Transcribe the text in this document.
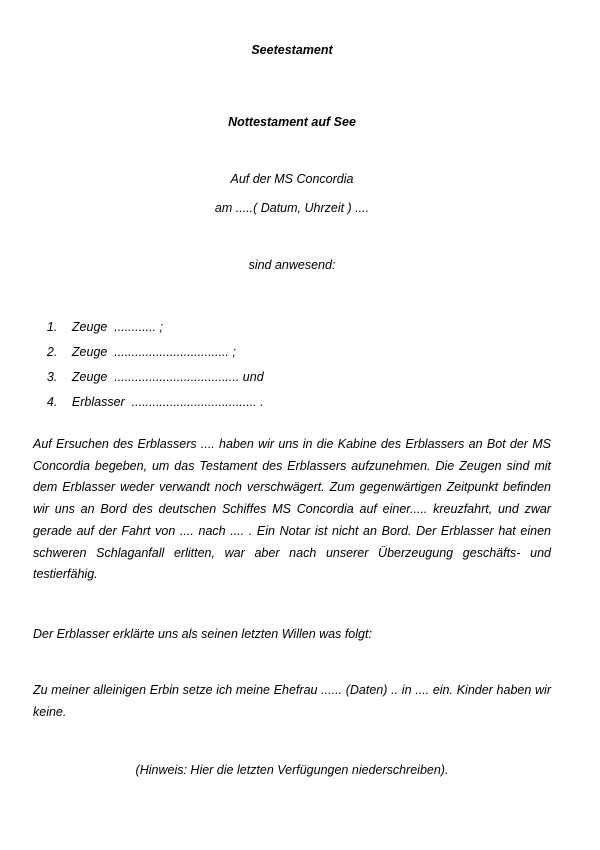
Seetestament
Nottestament auf See
Auf der MS Concordia
am .....( Datum, Uhrzeit ) ....
sind anwesend:

1. Zeuge  ............ ;

2. Zeuge  ................................. ;

3. Zeuge  .................................... und

4. Erblasser  .................................... .

Auf Ersuchen des Erblassers .... haben wir uns in die Kabine des Erblassers an Bot der MS Concordia begeben, um das Testament des Erblassers aufzunehmen. Die Zeugen sind mit dem Erblasser weder verwandt noch verschwägert. Zum gegenwärtigen Zeitpunkt befinden wir uns an Bord des deutschen Schiffes MS Concordia auf einer..... kreuzfahrt, und zwar gerade auf der Fahrt von .... nach .... . Ein Notar ist nicht an Bord. Der Erblasser hat einen schweren Schlaganfall erlitten, war aber nach unserer Überzeugung geschäfts- und testierfähig.
Der Erblasser erklärte uns als seinen letzten Willen was folgt:
Zu meiner alleinigen Erbin setze ich meine Ehefrau ...... (Daten) .. in .... ein. Kinder haben wir keine.
(Hinweis: Hier die letzten Verfügungen niederschreiben).
